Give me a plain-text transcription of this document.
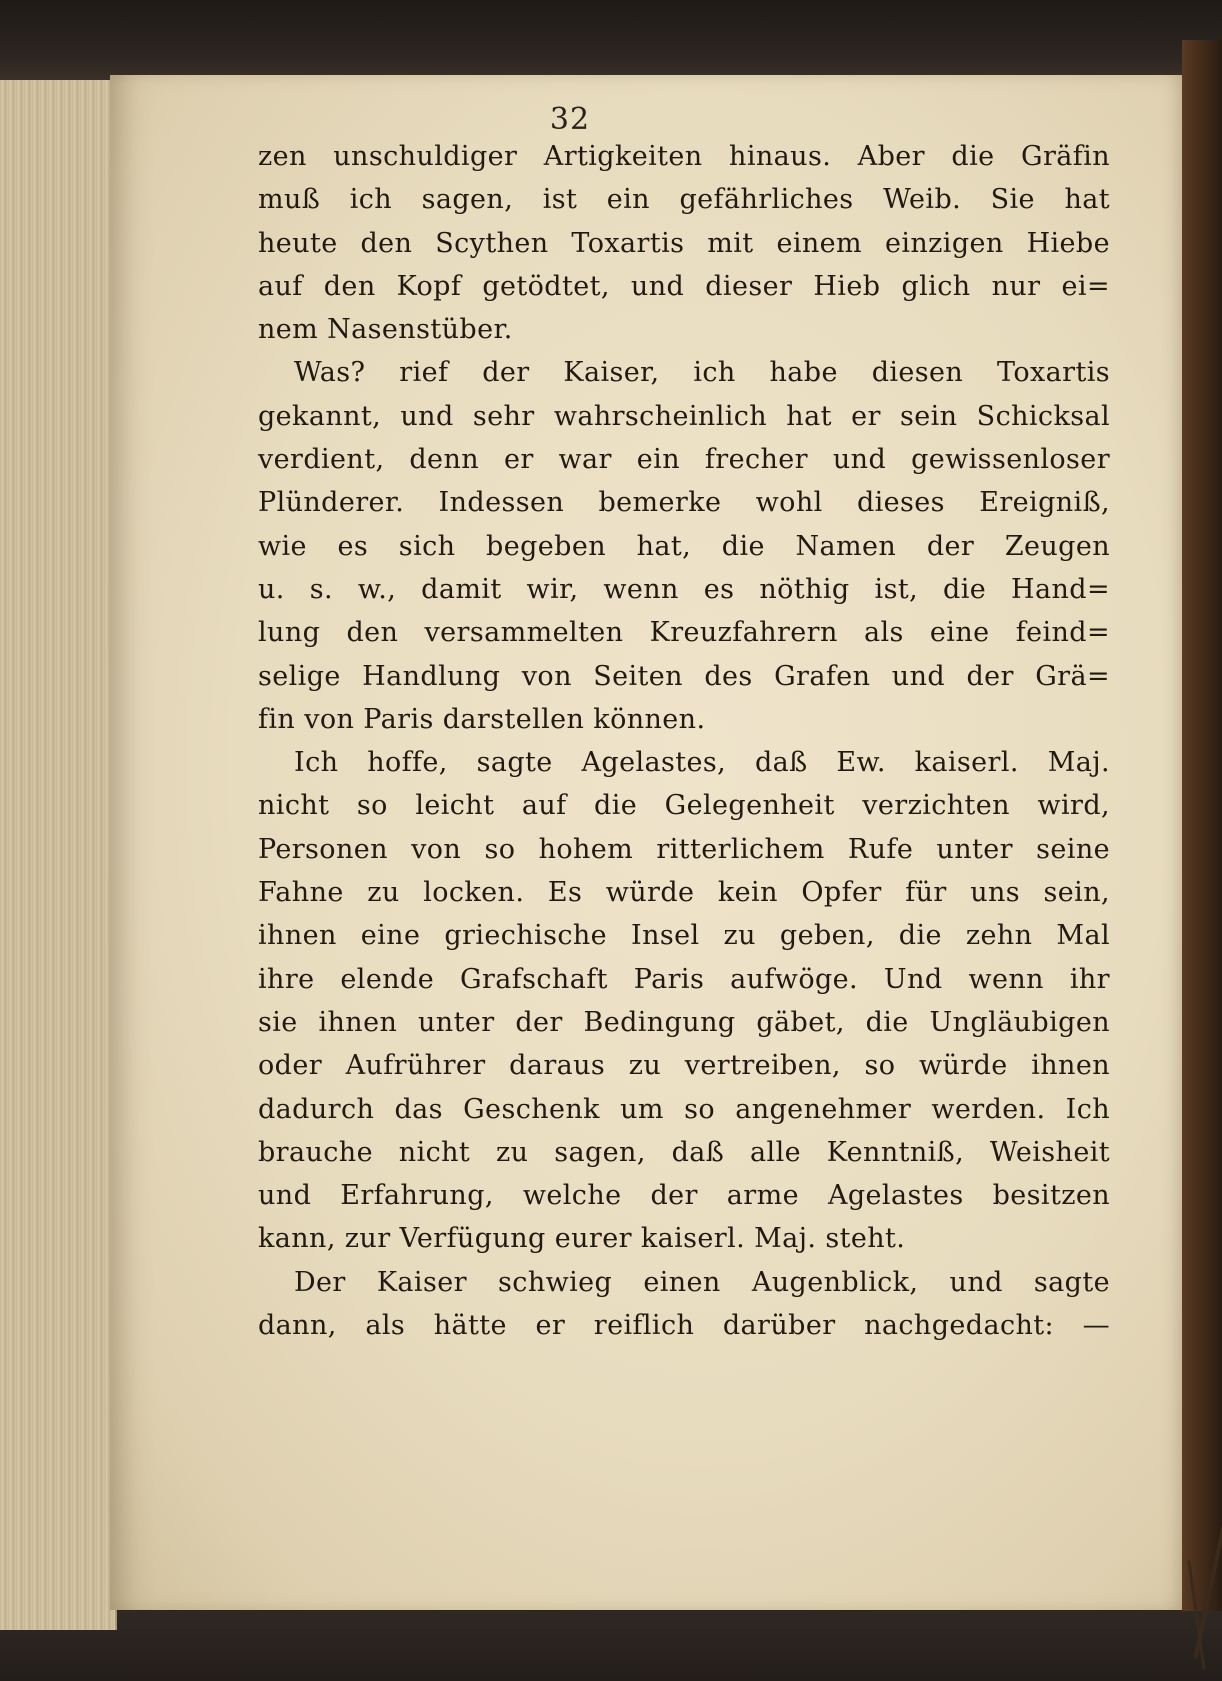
32
zen unschuldiger Artigkeiten hinaus. Aber die Gräfin
muß ich sagen, ist ein gefährliches Weib. Sie hat
heute den Scythen Toxartis mit einem einzigen Hiebe
auf den Kopf getödtet, und dieser Hieb glich nur ei=
nem Nasenstüber.
Was? rief der Kaiser, ich habe diesen Toxartis
gekannt, und sehr wahrscheinlich hat er sein Schicksal
verdient, denn er war ein frecher und gewissenloser
Plünderer. Indessen bemerke wohl dieses Ereigniß,
wie es sich begeben hat, die Namen der Zeugen
u. s. w., damit wir, wenn es nöthig ist, die Hand=
lung den versammelten Kreuzfahrern als eine feind=
selige Handlung von Seiten des Grafen und der Grä=
fin von Paris darstellen können.
Ich hoffe, sagte Agelastes, daß Ew. kaiserl. Maj.
nicht so leicht auf die Gelegenheit verzichten wird,
Personen von so hohem ritterlichem Rufe unter seine
Fahne zu locken. Es würde kein Opfer für uns sein,
ihnen eine griechische Insel zu geben, die zehn Mal
ihre elende Grafschaft Paris aufwöge. Und wenn ihr
sie ihnen unter der Bedingung gäbet, die Ungläubigen
oder Aufrührer daraus zu vertreiben, so würde ihnen
dadurch das Geschenk um so angenehmer werden. Ich
brauche nicht zu sagen, daß alle Kenntniß, Weisheit
und Erfahrung, welche der arme Agelastes besitzen
kann, zur Verfügung eurer kaiserl. Maj. steht.
Der Kaiser schwieg einen Augenblick, und sagte
dann, als hätte er reiflich darüber nachgedacht: —
